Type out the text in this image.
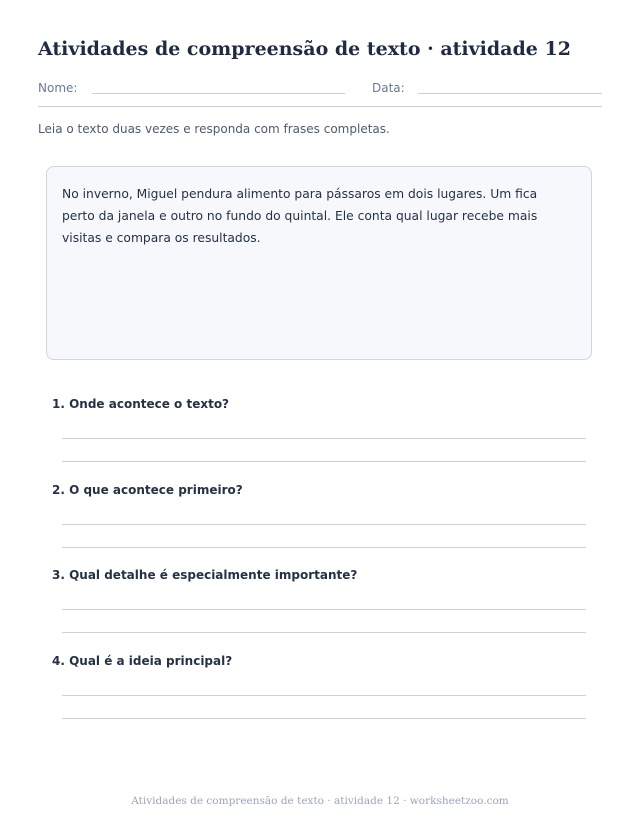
Atividades de compreensão de texto · atividade 12
Nome:	Data:
Leia o texto duas vezes e responda com frases completas.
No inverno, Miguel pendura alimento para pássaros em dois lugares. Um fica perto da janela e outro no fundo do quintal. Ele conta qual lugar recebe mais visitas e compara os resultados.
1. Onde acontece o texto?
2. O que acontece primeiro?
3. Qual detalhe é especialmente importante?
4. Qual é a ideia principal?
Atividades de compreensão de texto · atividade 12 · worksheetzoo.com
